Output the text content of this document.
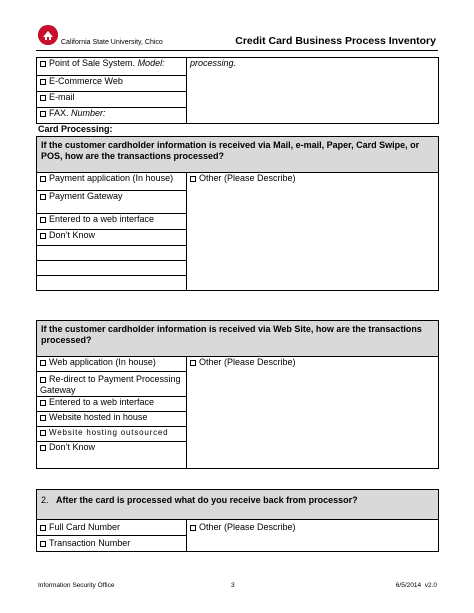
California State University, Chico	Credit Card Business Process Inventory
Point of Sale System. Model:	processing.
E-Commerce Web
E-mail
FAX. Number:
Card Processing:
If the customer cardholder information is received via Mail, e-mail, Paper, Card Swipe, or POS, how are the transactions processed?
Payment application (In house)	Other (Please Describe)
Payment Gateway
Entered to a web interface
Don’t Know

If the customer cardholder information is received via Web Site, how are the transactions processed?
Web application (In house)	Other (Please Describe)
Re-direct to Payment Processing Gateway
Entered to a web interface
Website hosted in house
Website hosting outsourced
Don’t Know
2. After the card is processed what do you receive back from processor?
Full Card Number	Other (Please Describe)
Transaction Number
Information Security Office	3	6/5/2014  v2.0
